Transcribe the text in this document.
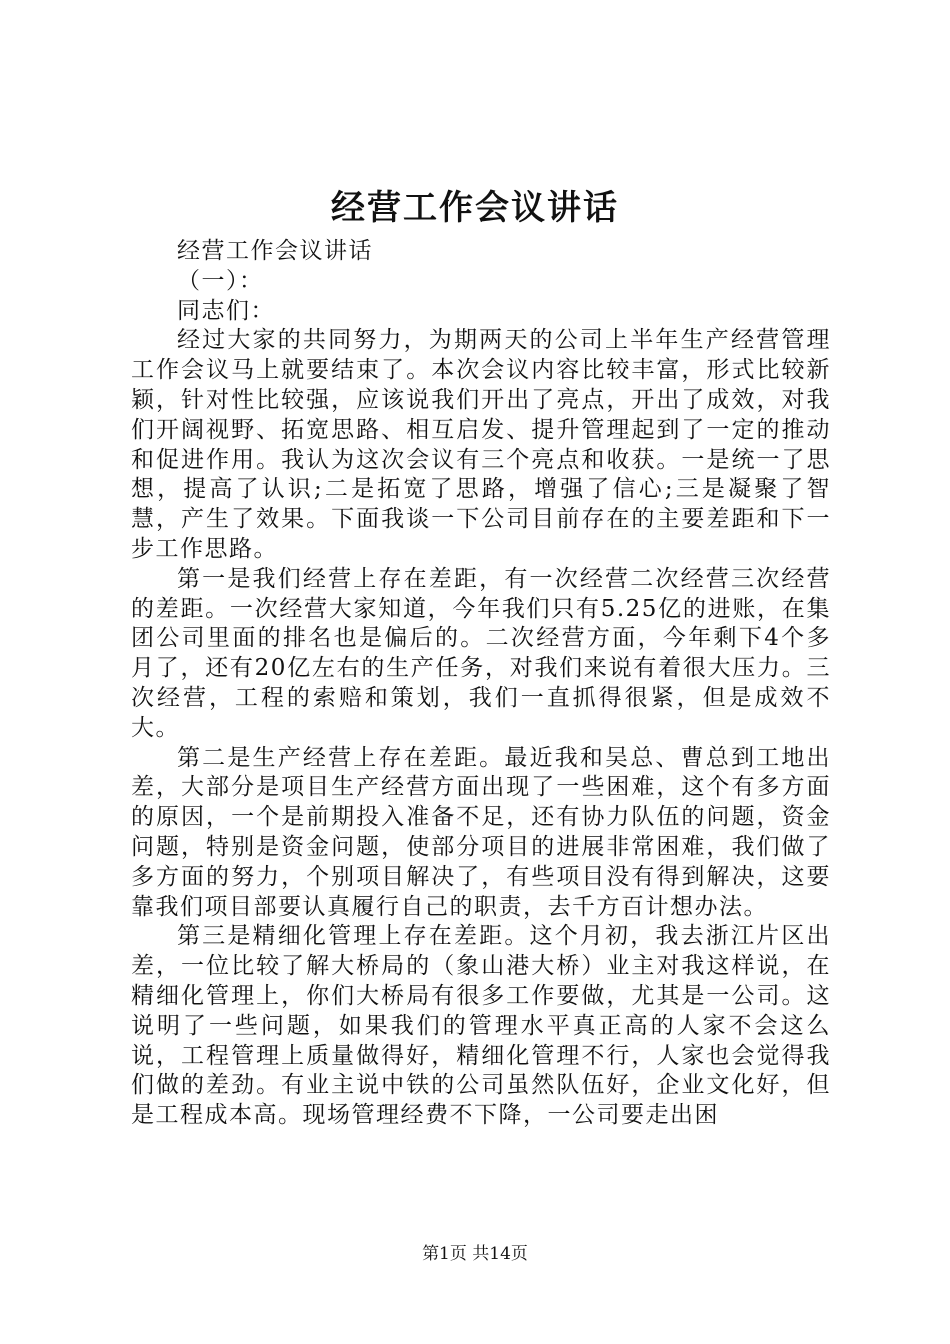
经营工作会议讲话

经营工作会议讲话

（一）：

同志们：

经过大家的共同努力，为期两天的公司上半年生产经营管理工作会议马上就要结束了。本次会议内容比较丰富，形式比较新颖，针对性比较强，应该说我们开出了亮点，开出了成效，对我们开阔视野、拓宽思路、相互启发、提升管理起到了一定的推动和促进作用。我认为这次会议有三个亮点和收获。一是统一了思想，提高了认识;二是拓宽了思路，增强了信心;三是凝聚了智慧，产生了效果。下面我谈一下公司目前存在的主要差距和下一步工作思路。

第一是我们经营上存在差距，有一次经营二次经营三次经营的差距。一次经营大家知道，今年我们只有5.25亿的进账，在集团公司里面的排名也是偏后的。二次经营方面，今年剩下4个多月了，还有20亿左右的生产任务，对我们来说有着很大压力。三次经营，工程的索赔和策划，我们一直抓得很紧，但是成效不大。

第二是生产经营上存在差距。最近我和吴总、曹总到工地出差，大部分是项目生产经营方面出现了一些困难，这个有多方面的原因，一个是前期投入准备不足，还有协力队伍的问题，资金问题，特别是资金问题，使部分项目的进展非常困难，我们做了多方面的努力，个别项目解决了，有些项目没有得到解决，这要靠我们项目部要认真履行自己的职责，去千方百计想办法。

第三是精细化管理上存在差距。这个月初，我去浙江片区出差，一位比较了解大桥局的（象山港大桥）业主对我这样说，在精细化管理上，你们大桥局有很多工作要做，尤其是一公司。这说明了一些问题，如果我们的管理水平真正高的人家不会这么说，工程管理上质量做得好，精细化管理不行，人家也会觉得我们做的差劲。有业主说中铁的公司虽然队伍好，企业文化好，但是工程成本高。现场管理经费不下降，一公司要走出困

第1页 共14页
